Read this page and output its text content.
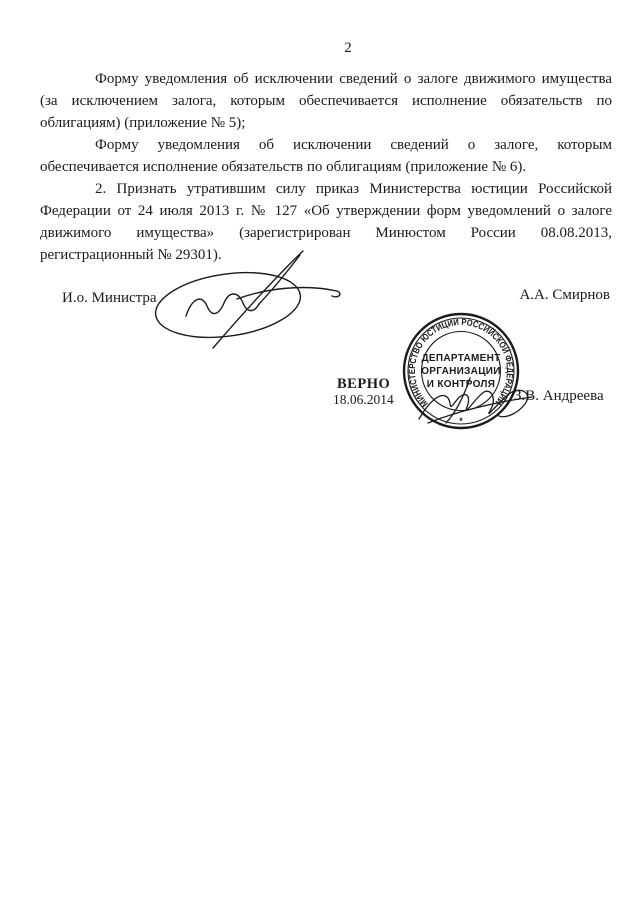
2
Форму уведомления об исключении сведений о залоге движимого имущества
(за исключением залога, которым обеспечивается исполнение обязательств по
облигациям) (приложение № 5);
Форму уведомления об исключении сведений о залоге, которым
обеспечивается исполнение обязательств по облигациям (приложение № 6).
2. Признать утратившим силу приказ Министерства юстиции Российской
Федерации от 24 июля 2013 г. № 127 «Об утверждении форм уведомлений о залоге
движимого имущества» (зарегистрирован Минюстом России 08.08.2013,
регистрационный № 29301).
И.о. Министра	А.А. Смирнов
ВЕРНО
18.06.2014	З.В. Андреева
МИНИСТЕРСТВО ЮСТИЦИИ РОССИЙСКОЙ ФЕДЕРАЦИИ
*
ДЕПАРТАМЕНТ
ОРГАНИЗАЦИИ
И КОНТРОЛЯ
